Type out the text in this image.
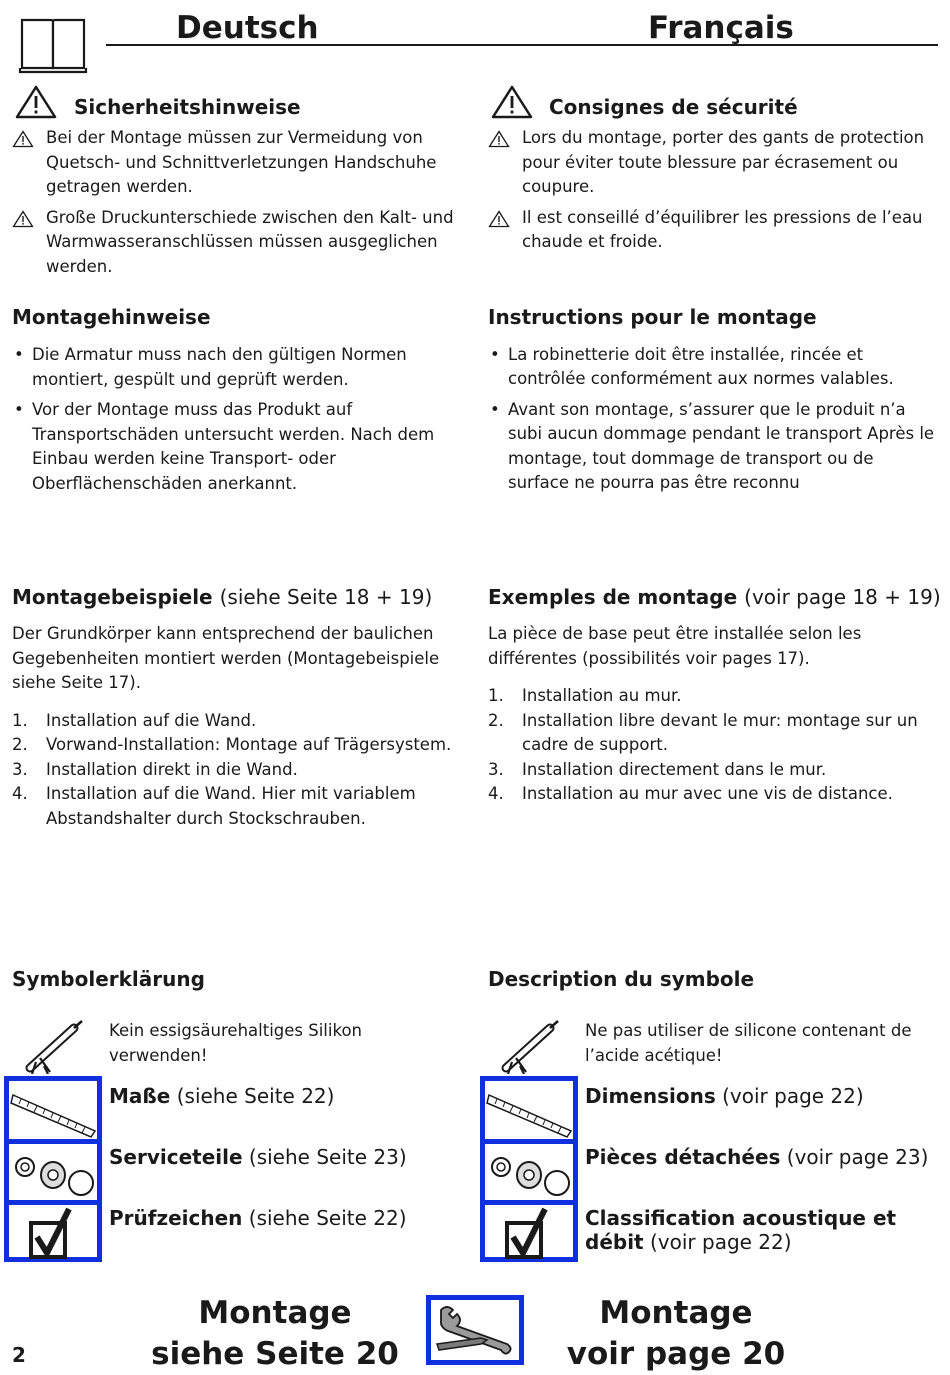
Deutsch	Français
Sicherheitshinweise
Bei der Montage müssen zur Vermeidung von Quetsch- und Schnittverletzungen Handschuhe getragen werden.
Große Druckunterschiede zwischen den Kalt- und Warmwasseranschlüssen müssen ausgeglichen werden.
Montagehinweise
• Die Armatur muss nach den gültigen Normen montiert, gespült und geprüft werden.
• Vor der Montage muss das Produkt auf Transportschäden untersucht werden. Nach dem Einbau werden keine Transport- oder Oberflächenschäden anerkannt.
Montagebeispiele (siehe Seite 18 + 19)

Der Grundkörper kann entsprechend der baulichen Gegebenheiten montiert werden (Montagebeispiele siehe Seite 17).

1. Installation auf die Wand.
2. Vorwand-Installation: Montage auf Trägersystem.
3. Installation direkt in die Wand.
4. Installation auf die Wand. Hier mit variablem Abstandshalter durch Stockschrauben.
Consignes de sécurité
Lors du montage, porter des gants de protection pour éviter toute blessure par écrasement ou coupure.
Il est conseillé d’équilibrer les pressions de l’eau chaude et froide.
Instructions pour le montage
• La robinetterie doit être installée, rincée et contrôlée conformément aux normes valables.
• Avant son montage, s’assurer que le produit n’a subi aucun dommage pendant le transport Après le montage, tout dommage de transport ou de surface ne pourra pas être reconnu
Exemples de montage (voir page 18 + 19)

La pièce de base peut être installée selon les différentes (possibilités voir pages 17).

1. Installation au mur.
2. Installation libre devant le mur: montage sur un cadre de support.
3. Installation directement dans le mur.
4. Installation au mur avec une vis de distance.
Symbolerklärung
Kein essigsäurehaltiges Silikon verwenden!
Maße (siehe Seite 22)
Serviceteile (siehe Seite 23)
Prüfzeichen (siehe Seite 22)
Description du symbole
Ne pas utiliser de silicone contenant de l’acide acétique!
Dimensions (voir page 22)
Pièces détachées (voir page 23)
Classification acoustique et débit (voir page 22)
2
Montage
siehe Seite 20
Montage
voir page 20
